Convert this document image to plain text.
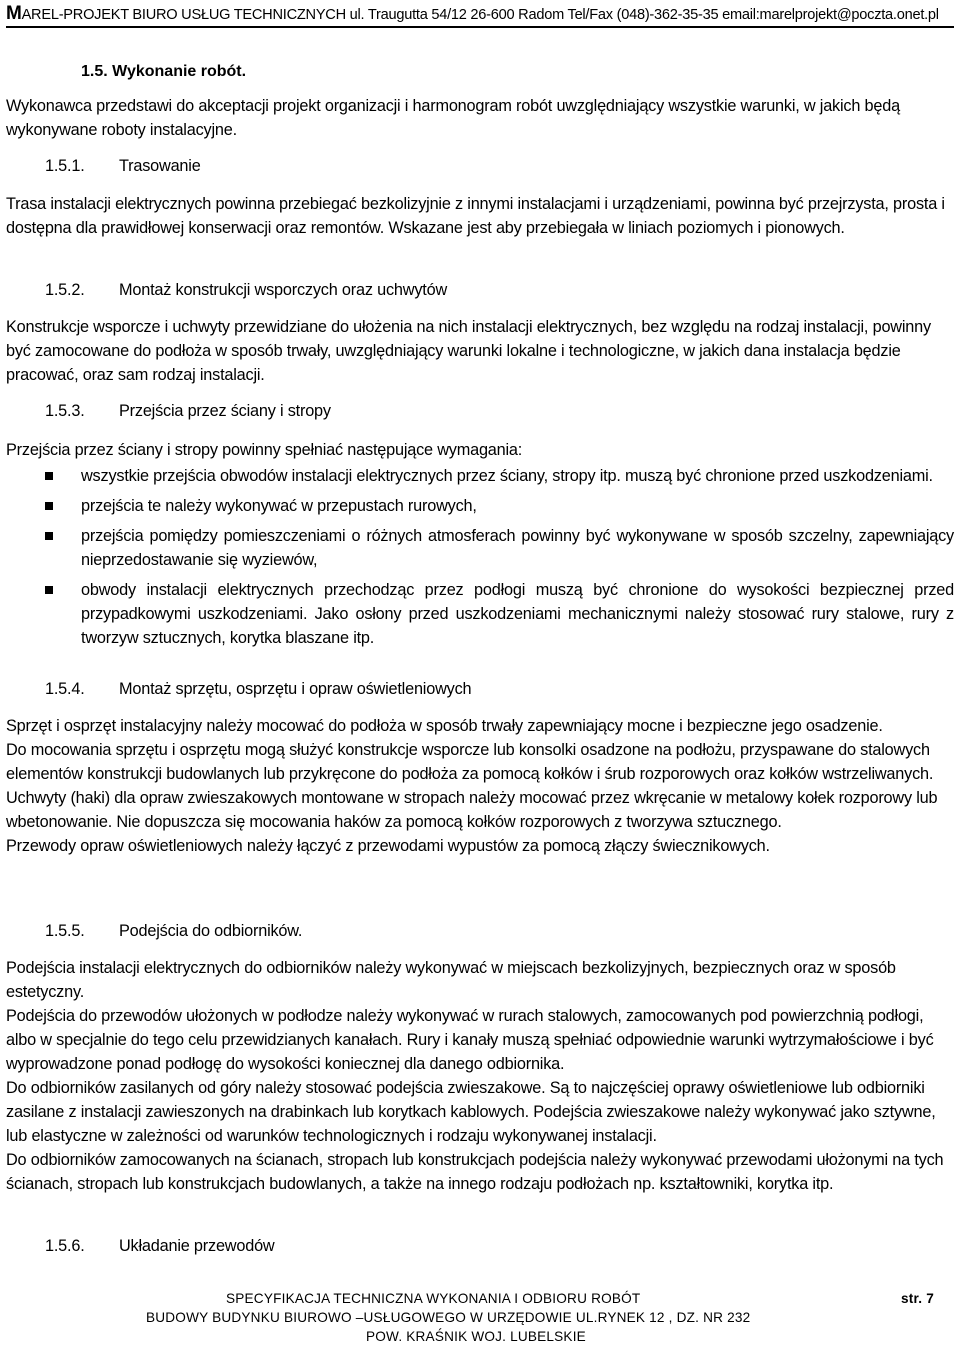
MAREL-PROJEKT BIURO USŁUG TECHNICZNYCH ul. Traugutta 54/12 26-600 Radom Tel/Fax (048)-362-35-35 email:marelprojekt@poczta.onet.pl
1.5. Wykonanie robót.
Wykonawca przedstawi do akceptacji projekt organizacji i harmonogram robót uwzględniający wszystkie warunki, w jakich będą wykonywane roboty instalacyjne.
1.5.1. Trasowanie
Trasa instalacji elektrycznych powinna przebiegać bezkolizyjnie z innymi instalacjami i urządzeniami, powinna być przejrzysta, prosta i dostępna dla prawidłowej konserwacji oraz remontów. Wskazane jest aby przebiegała w liniach poziomych i pionowych.
1.5.2. Montaż konstrukcji wsporczych oraz uchwytów
Konstrukcje wsporcze i uchwyty przewidziane do ułożenia na nich instalacji elektrycznych, bez względu na rodzaj instalacji, powinny być zamocowane do podłoża w sposób trwały, uwzględniający warunki lokalne i technologiczne, w jakich dana instalacja będzie pracować, oraz sam rodzaj instalacji.
1.5.3. Przejścia przez ściany i stropy
Przejścia przez ściany i stropy powinny spełniać następujące wymagania:
wszystkie przejścia obwodów instalacji elektrycznych przez ściany, stropy itp. muszą być chronione przed uszkodzeniami.
przejścia te należy wykonywać w przepustach rurowych,
przejścia pomiędzy pomieszczeniami o różnych atmosferach powinny być wykonywane w sposób szczelny, zapewniający nieprzedostawanie się wyziewów,
obwody instalacji elektrycznych przechodząc przez podłogi muszą być chronione do wysokości bezpiecznej przed przypadkowymi uszkodzeniami. Jako osłony przed uszkodzeniami mechanicznymi należy stosować rury stalowe, rury z tworzyw sztucznych, korytka blaszane itp.
1.5.4. Montaż sprzętu, osprzętu i opraw oświetleniowych
Sprzęt i osprzęt instalacyjny należy mocować do podłoża w sposób trwały zapewniający mocne i bezpieczne jego osadzenie.
Do mocowania sprzętu i osprzętu mogą służyć konstrukcje wsporcze lub konsolki osadzone na podłożu, przyspawane do stalowych elementów konstrukcji budowlanych lub przykręcone do podłoża za pomocą kołków i śrub rozporowych oraz kołków wstrzeliwanych. Uchwyty (haki) dla opraw zwieszakowych montowane w stropach należy mocować przez wkręcanie w metalowy kołek rozporowy lub wbetonowanie. Nie dopuszcza się mocowania haków za pomocą kołków rozporowych z tworzywa sztucznego.
Przewody opraw oświetleniowych należy łączyć z przewodami wypustów za pomocą złączy świecznikowych.
1.5.5. Podejścia do odbiorników.
Podejścia instalacji elektrycznych do odbiorników należy wykonywać w miejscach bezkolizyjnych, bezpiecznych oraz w sposób estetyczny.
Podejścia do przewodów ułożonych w podłodze należy wykonywać w rurach stalowych, zamocowanych pod powierzchnią podłogi, albo w specjalnie do tego celu przewidzianych kanałach. Rury i kanały muszą spełniać odpowiednie warunki wytrzymałościowe i być wyprowadzone ponad podłogę do wysokości koniecznej dla danego odbiornika.
Do odbiorników zasilanych od góry należy stosować podejścia zwieszakowe. Są to najczęściej oprawy oświetleniowe lub odbiorniki zasilane z instalacji zawieszonych na drabinkach lub korytkach kablowych. Podejścia zwieszakowe należy wykonywać jako sztywne, lub elastyczne w zależności od warunków technologicznych i rodzaju wykonywanej instalacji.
Do odbiorników zamocowanych na ścianach, stropach lub konstrukcjach podejścia należy wykonywać przewodami ułożonymi na tych ścianach, stropach lub konstrukcjach budowlanych, a także na innego rodzaju podłożach np. kształtowniki, korytka itp.
1.5.6. Układanie przewodów
SPECYFIKACJA TECHNICZNA WYKONANIA I ODBIORU ROBÓT
BUDOWY BUDYNKU BIUROWO –USŁUGOWEGO W URZĘDOWIE UL.RYNEK 12 , DZ. NR 232
POW. KRAŚNIK WOJ. LUBELSKIE
str. 7
